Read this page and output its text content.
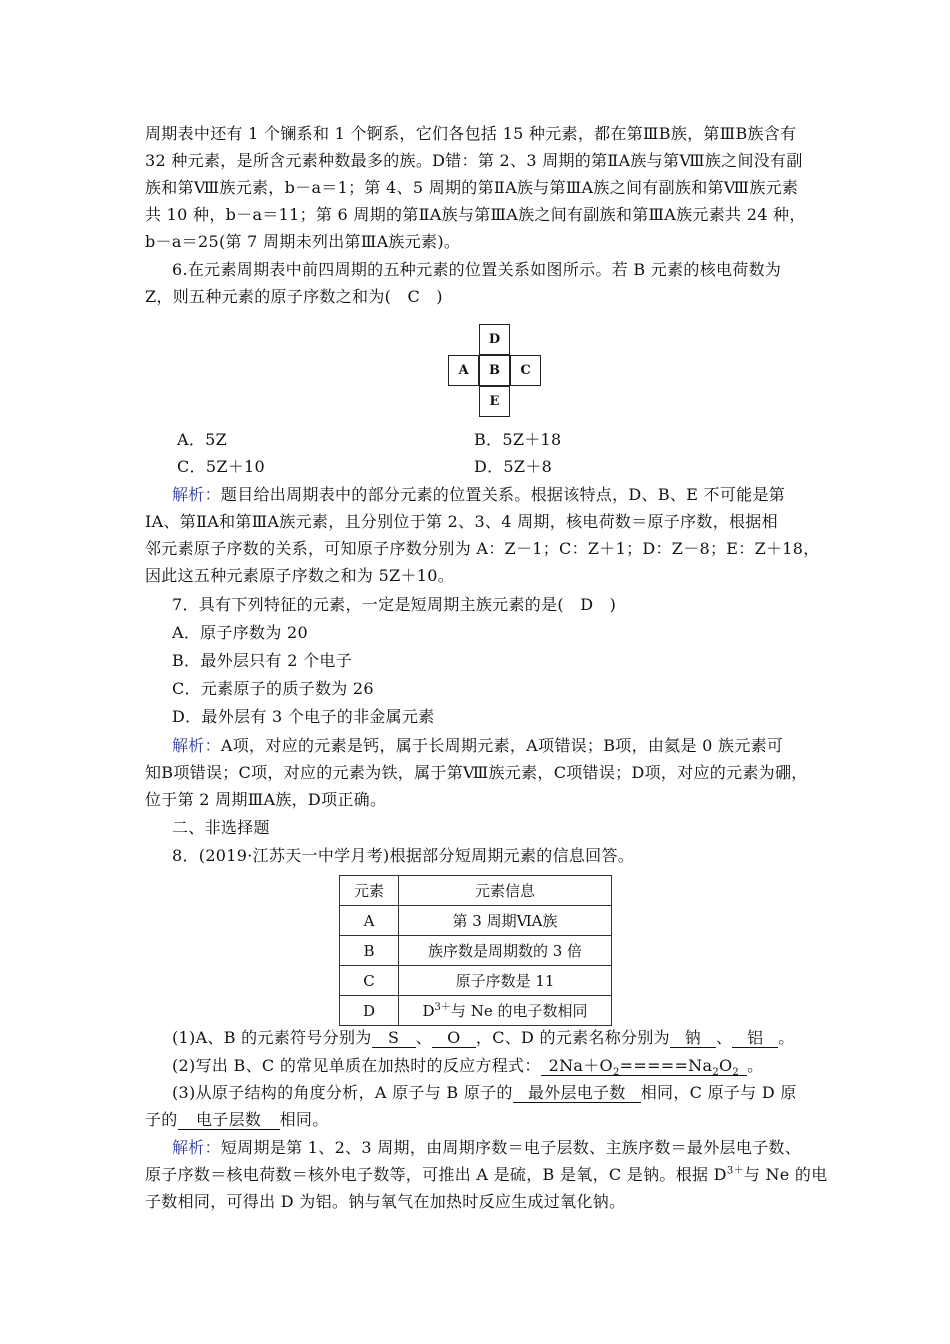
周期表中还有 1 个镧系和 1 个锕系，它们各包括 15 种元素，都在第ⅢB族，第ⅢB族含有
32 种元素，是所含元素种数最多的族。D错：第 2、3 周期的第ⅡA族与第Ⅷ族之间没有副
族和第Ⅷ族元素，b－a＝1；第 4、5 周期的第ⅡA族与第ⅢA族之间有副族和第Ⅷ族元素
共 10 种，b－a＝11；第 6 周期的第ⅡA族与第ⅢA族之间有副族和第ⅢA族元素共 24 种，
b－a＝25(第 7 周期未列出第ⅢA族元素)。
6.在元素周期表中前四周期的五种元素的位置关系如图所示。若 B 元素的核电荷数为
Z，则五种元素的原子序数之和为(　C　)
D
A	B	C
E
A．5Z	B．5Z＋18
C．5Z＋10	D．5Z＋8
解析：题目给出周期表中的部分元素的位置关系。根据该特点，D、B、E 不可能是第
ⅠA、第ⅡA和第ⅢA族元素，且分别位于第 2、3、4 周期，核电荷数＝原子序数，根据相
邻元素原子序数的关系，可知原子序数分别为 A：Z－1；C：Z＋1；D：Z－8；E：Z＋18，
因此这五种元素原子序数之和为 5Z＋10。
7．具有下列特征的元素，一定是短周期主族元素的是(　D　)
A．原子序数为 20
B．最外层只有 2 个电子
C．元素原子的质子数为 26
D．最外层有 3 个电子的非金属元素
解析：A项，对应的元素是钙，属于长周期元素，A项错误；B项，由氦是 0 族元素可
知B项错误；C项，对应的元素为铁，属于第Ⅷ族元素，C项错误；D项，对应的元素为硼，
位于第 2 周期ⅢA族，D项正确。
二、非选择题
8．(2019·江苏天一中学月考)根据部分短周期元素的信息回答。
元素	元素信息
A	第 3 周期ⅥA族
B	族序数是周期数的 3 倍
C	原子序数是 11
D	$D^{3+}$与 Ne 的电子数相同
(1)A、B 的元素符号分别为 S 、 O ，C、D 的元素名称分别为 钠 、 铝 。
(2)写出 B、C 的常见单质在加热时的反应方程式： $2Na+O_2=====Na_2O_2$ 。
(3)从原子结构的角度分析，A 原子与 B 原子的 最外层电子数 相同，C 原子与 D 原
子的 电子层数 相同。
解析：短周期是第 1、2、3 周期，由周期序数＝电子层数、主族序数＝最外层电子数、
原子序数＝核电荷数＝核外电子数等，可推出 A 是硫，B 是氧，C 是钠。根据 $D^{3+}$与 Ne 的电
子数相同，可得出 D 为铝。钠与氧气在加热时反应生成过氧化钠。
